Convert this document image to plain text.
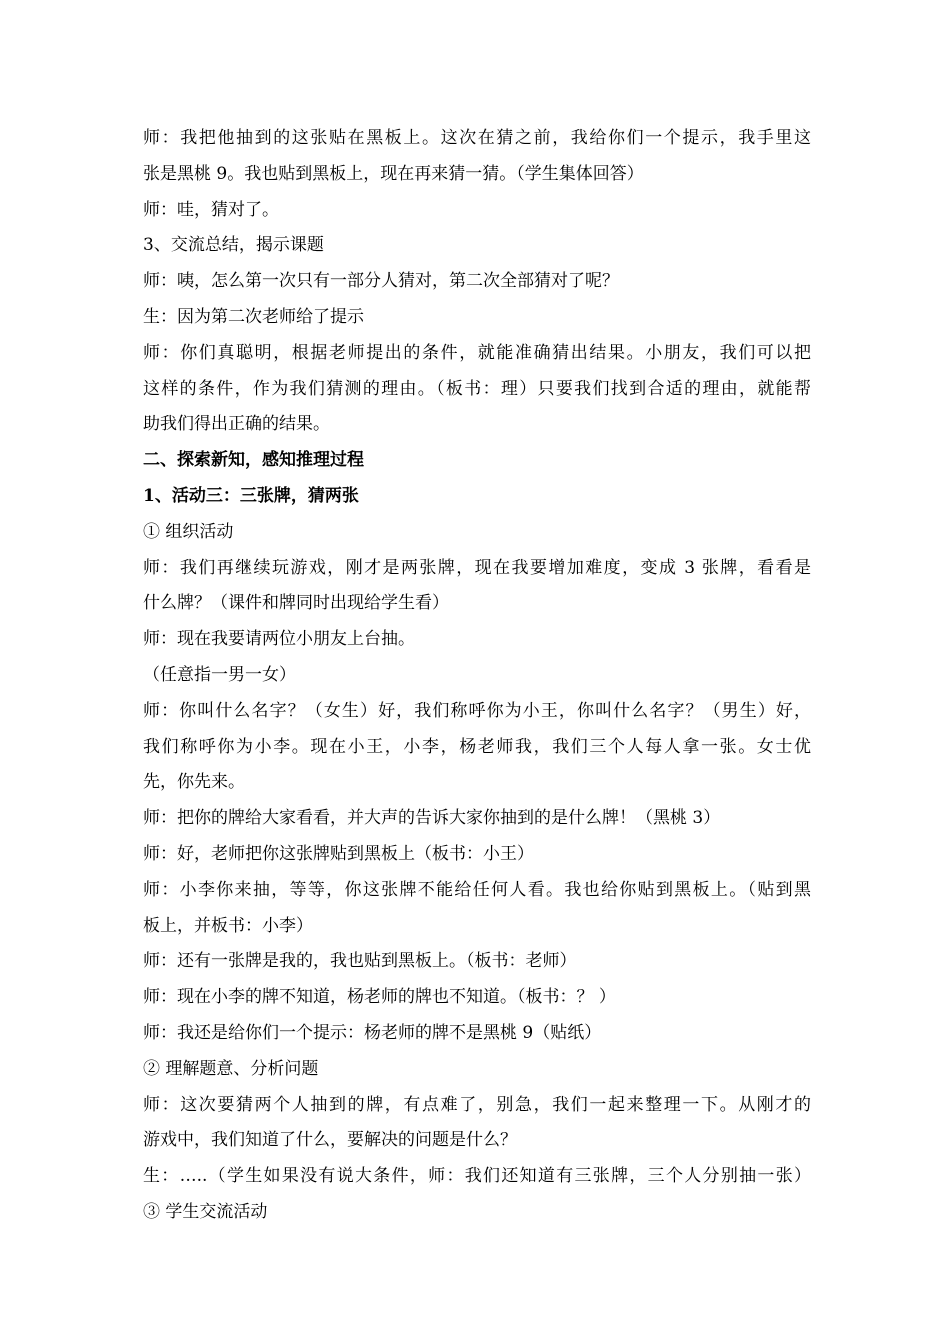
师：我把他抽到的这张贴在黑板上。这次在猜之前，我给你们一个提示，我手里这
张是黑桃 9。我也贴到黑板上，现在再来猜一猜。（学生集体回答）
师：哇，猜对了。
3、交流总结，揭示课题
师：咦，怎么第一次只有一部分人猜对，第二次全部猜对了呢？
生：因为第二次老师给了提示
师：你们真聪明，根据老师提出的条件，就能准确猜出结果。小朋友，我们可以把
这样的条件，作为我们猜测的理由。（板书：理）只要我们找到合适的理由，就能帮
助我们得出正确的结果。
二、探索新知，感知推理过程
1、活动三：三张牌，猜两张
① 组织活动
师：我们再继续玩游戏，刚才是两张牌，现在我要增加难度，变成 3 张牌，看看是
什么牌？（课件和牌同时出现给学生看）
师：现在我要请两位小朋友上台抽。
（任意指一男一女）
师：你叫什么名字？（女生）好，我们称呼你为小王，你叫什么名字？（男生）好，
我们称呼你为小李。现在小王，小李，杨老师我，我们三个人每人拿一张。女士优
先，你先来。
师：把你的牌给大家看看，并大声的告诉大家你抽到的是什么牌！（黑桃 3）
师：好，老师把你这张牌贴到黑板上（板书：小王）
师：小李你来抽，等等，你这张牌不能给任何人看。我也给你贴到黑板上。（贴到黑
板上，并板书：小李）
师：还有一张牌是我的，我也贴到黑板上。（板书：老师）
师：现在小李的牌不知道，杨老师的牌也不知道。（板书：？ ）
师：我还是给你们一个提示：杨老师的牌不是黑桃 9（贴纸）
② 理解题意、分析问题
师：这次要猜两个人抽到的牌，有点难了，别急，我们一起来整理一下。从刚才的
游戏中，我们知道了什么，要解决的问题是什么？
生：…..（学生如果没有说大条件，师：我们还知道有三张牌，三个人分别抽一张）
③ 学生交流活动
